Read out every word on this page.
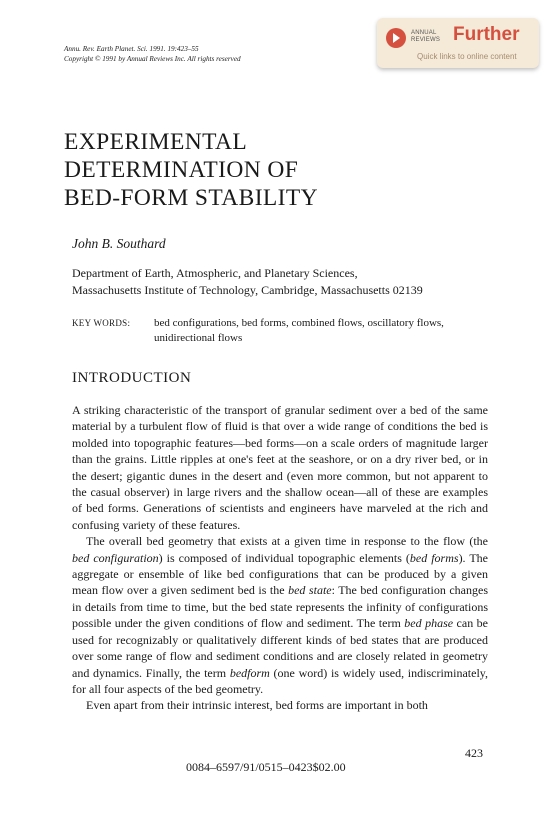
Annu. Rev. Earth Planet. Sci. 1991. 19:423–55
Copyright © 1991 by Annual Reviews Inc. All rights reserved
ANNUAL
REVIEWS Further
Quick links to online content
EXPERIMENTAL
DETERMINATION OF
BED-FORM STABILITY
John B. Southard
Department of Earth, Atmospheric, and Planetary Sciences,
Massachusetts Institute of Technology, Cambridge, Massachusetts 02139
KEY WORDS: bed configurations, bed forms, combined flows, oscillatory flows, unidirectional flows
INTRODUCTION

A striking characteristic of the transport of granular sediment over a bed of the same material by a turbulent flow of fluid is that over a wide range of conditions the bed is molded into topographic features—bed forms—on a scale orders of magnitude larger than the grains. Little ripples at one's feet at the seashore, or on a dry river bed, or in the desert; gigantic dunes in the desert and (even more common, but not apparent to the casual observer) in large rivers and the shallow ocean—all of these are examples of bed forms. Generations of scientists and engineers have marveled at the rich and confusing variety of these features.

The overall bed geometry that exists at a given time in response to the flow (the bed configuration) is composed of individual topographic elements (bed forms). The aggregate or ensemble of like bed configurations that can be produced by a given mean flow over a given sediment bed is the bed state: The bed configuration changes in details from time to time, but the bed state represents the infinity of configurations possible under the given conditions of flow and sediment. The term bed phase can be used for recognizably or qualitatively different kinds of bed states that are produced over some range of flow and sediment conditions and are closely related in geometry and dynamics. Finally, the term bedform (one word) is widely used, indiscriminately, for all four aspects of the bed geometry.

Even apart from their intrinsic interest, bed forms are important in both

423
0084–6597/91/0515–0423$02.00
